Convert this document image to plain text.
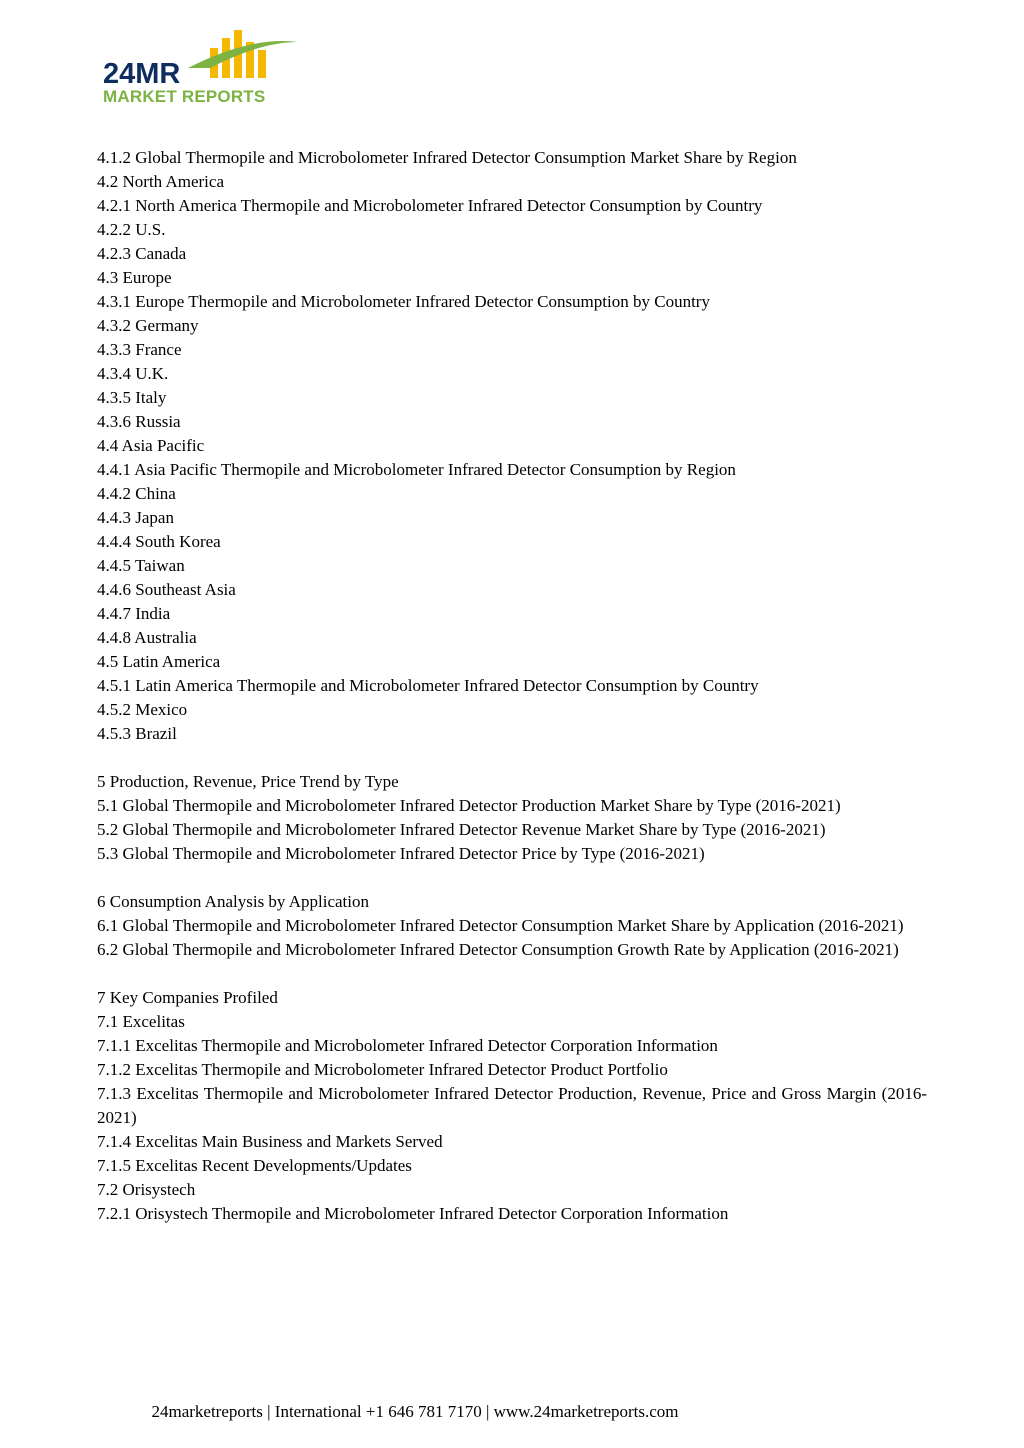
24MR
MARKET REPORTS
4.1.2 Global Thermopile and Microbolometer Infrared Detector Consumption Market Share by Region
4.2 North America
4.2.1 North America Thermopile and Microbolometer Infrared Detector Consumption by Country
4.2.2 U.S.
4.2.3 Canada
4.3 Europe
4.3.1 Europe Thermopile and Microbolometer Infrared Detector Consumption by Country
4.3.2 Germany
4.3.3 France
4.3.4 U.K.
4.3.5 Italy
4.3.6 Russia
4.4 Asia Pacific
4.4.1 Asia Pacific Thermopile and Microbolometer Infrared Detector Consumption by Region
4.4.2 China
4.4.3 Japan
4.4.4 South Korea
4.4.5 Taiwan
4.4.6 Southeast Asia
4.4.7 India
4.4.8 Australia
4.5 Latin America
4.5.1 Latin America Thermopile and Microbolometer Infrared Detector Consumption by Country
4.5.2 Mexico
4.5.3 Brazil
5 Production, Revenue, Price Trend by Type
5.1 Global Thermopile and Microbolometer Infrared Detector Production Market Share by Type (2016-2021)
5.2 Global Thermopile and Microbolometer Infrared Detector Revenue Market Share by Type (2016-2021)
5.3 Global Thermopile and Microbolometer Infrared Detector Price by Type (2016-2021)
6 Consumption Analysis by Application
6.1 Global Thermopile and Microbolometer Infrared Detector Consumption Market Share by Application (2016-2021)
6.2 Global Thermopile and Microbolometer Infrared Detector Consumption Growth Rate by Application (2016-2021)
7 Key Companies Profiled
7.1 Excelitas
7.1.1 Excelitas Thermopile and Microbolometer Infrared Detector Corporation Information
7.1.2 Excelitas Thermopile and Microbolometer Infrared Detector Product Portfolio
7.1.3 Excelitas Thermopile and Microbolometer Infrared Detector Production, Revenue, Price and Gross Margin (2016-2021)
7.1.4 Excelitas Main Business and Markets Served
7.1.5 Excelitas Recent Developments/Updates
7.2 Orisystech
7.2.1 Orisystech Thermopile and Microbolometer Infrared Detector Corporation Information
24marketreports | International +1 646 781 7170 | www.24marketreports.com
